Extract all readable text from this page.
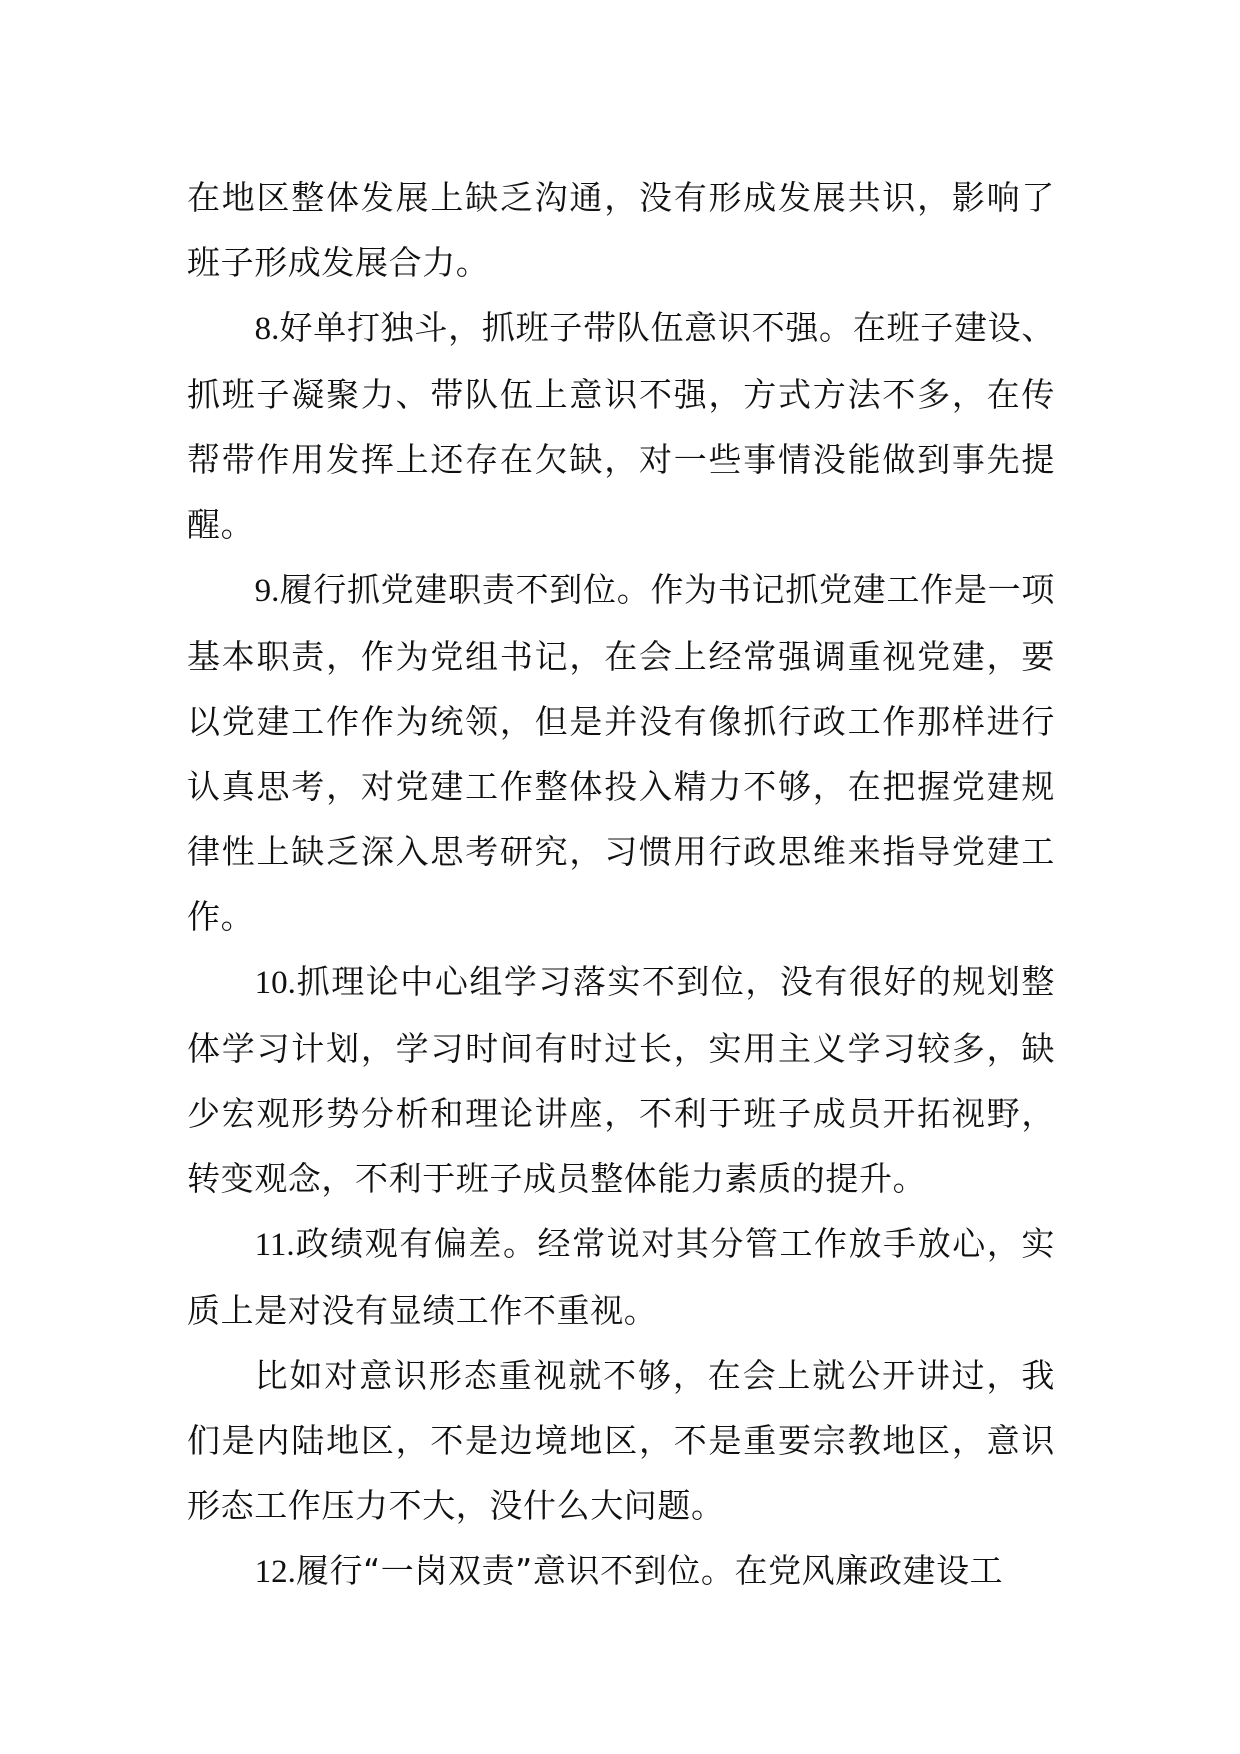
在地区整体发展上缺乏沟通，没有形成发展共识，影响了班子形成发展合力。

8.好单打独斗，抓班子带队伍意识不强。在班子建设、抓班子凝聚力、带队伍上意识不强，方式方法不多，在传帮带作用发挥上还存在欠缺，对一些事情没能做到事先提醒。

9.履行抓党建职责不到位。作为书记抓党建工作是一项基本职责，作为党组书记，在会上经常强调重视党建，要以党建工作作为统领，但是并没有像抓行政工作那样进行认真思考，对党建工作整体投入精力不够，在把握党建规律性上缺乏深入思考研究，习惯用行政思维来指导党建工作。

10.抓理论中心组学习落实不到位，没有很好的规划整体学习计划，学习时间有时过长，实用主义学习较多，缺少宏观形势分析和理论讲座，不利于班子成员开拓视野，转变观念，不利于班子成员整体能力素质的提升。

11.政绩观有偏差。经常说对其分管工作放手放心，实质上是对没有显绩工作不重视。

比如对意识形态重视就不够，在会上就公开讲过，我们是内陆地区，不是边境地区，不是重要宗教地区，意识形态工作压力不大，没什么大问题。

12.履行“一岗双责”意识不到位。在党风廉政建设工
